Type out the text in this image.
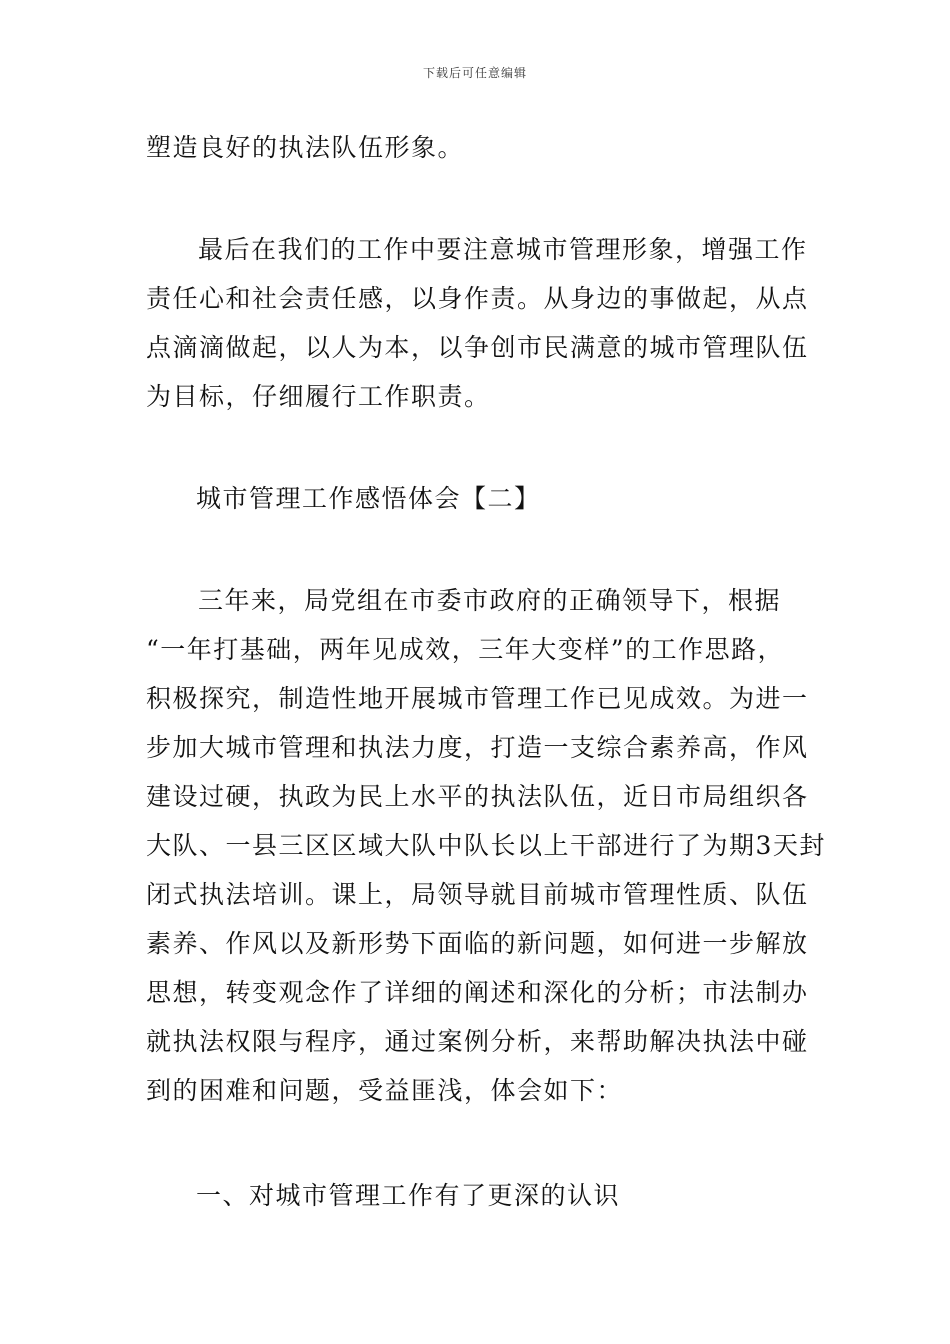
下载后可任意编辑
塑造良好的执法队伍形象。
最后在我们的工作中要注意城市管理形象，增强工作
责任心和社会责任感，以身作责。从身边的事做起，从点
点滴滴做起，以人为本，以争创市民满意的城市管理队伍
为目标，仔细履行工作职责。
城市管理工作感悟体会【二】
三年来，局党组在市委市政府的正确领导下，根据
“一年打基础，两年见成效，三年大变样”的工作思路，
积极探究，制造性地开展城市管理工作已见成效。为进一
步加大城市管理和执法力度，打造一支综合素养高，作风
建设过硬，执政为民上水平的执法队伍，近日市局组织各
大队、一县三区区域大队中队长以上干部进行了为期3天封
闭式执法培训。课上，局领导就目前城市管理性质、队伍
素养、作风以及新形势下面临的新问题，如何进一步解放
思想，转变观念作了详细的阐述和深化的分析；市法制办
就执法权限与程序，通过案例分析，来帮助解决执法中碰
到的困难和问题，受益匪浅，体会如下：
一、对城市管理工作有了更深的认识
